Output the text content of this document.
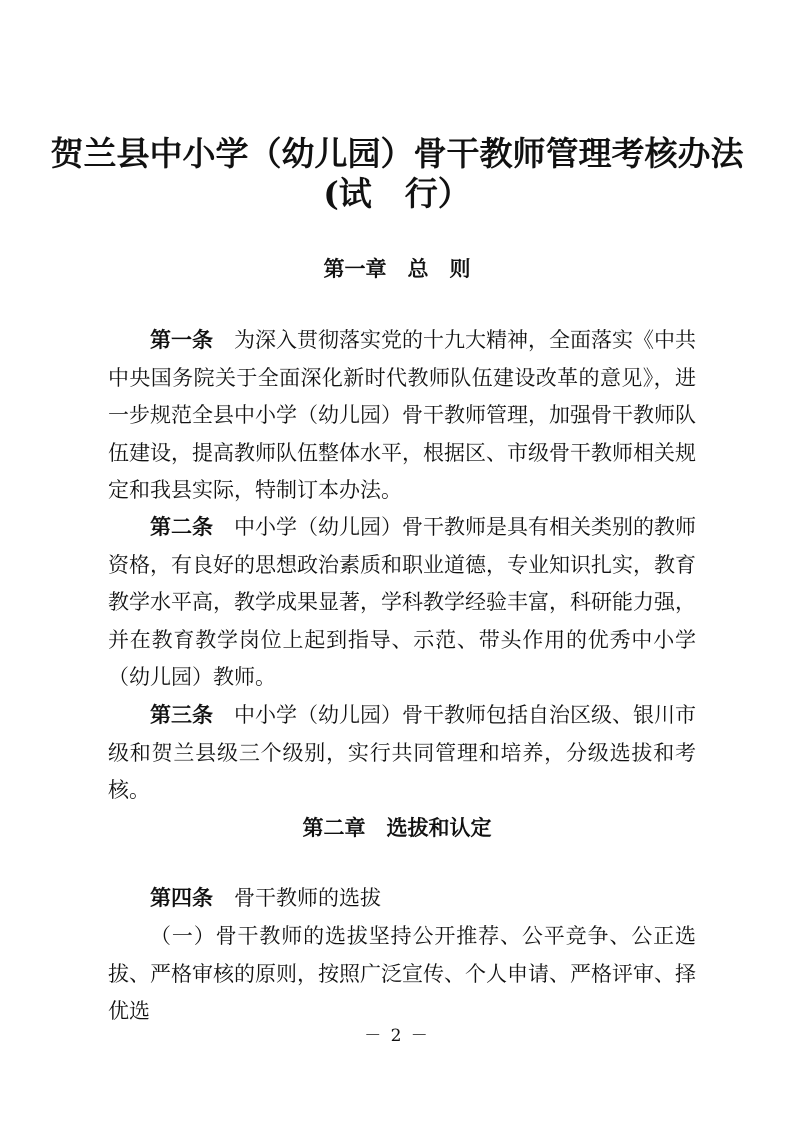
贺兰县中小学（幼儿园）骨干教师管理考核办法
(试　行）
第一章　总　则
第一条  为深入贯彻落实党的十九大精神，全面落实《中共中央国务院关于全面深化新时代教师队伍建设改革的意见》，进一步规范全县中小学（幼儿园）骨干教师管理，加强骨干教师队伍建设，提高教师队伍整体水平，根据区、市级骨干教师相关规定和我县实际，特制订本办法。
第二条  中小学（幼儿园）骨干教师是具有相关类别的教师资格，有良好的思想政治素质和职业道德，专业知识扎实，教育教学水平高，教学成果显著，学科教学经验丰富，科研能力强，并在教育教学岗位上起到指导、示范、带头作用的优秀中小学（幼儿园）教师。
第三条  中小学（幼儿园）骨干教师包括自治区级、银川市级和贺兰县级三个级别，实行共同管理和培养，分级选拔和考核。
第二章　选拔和认定
第四条  骨干教师的选拔
（一）骨干教师的选拔坚持公开推荐、公平竞争、公正选拔、严格审核的原则，按照广泛宣传、个人申请、严格评审、择优选
－ 2 －
